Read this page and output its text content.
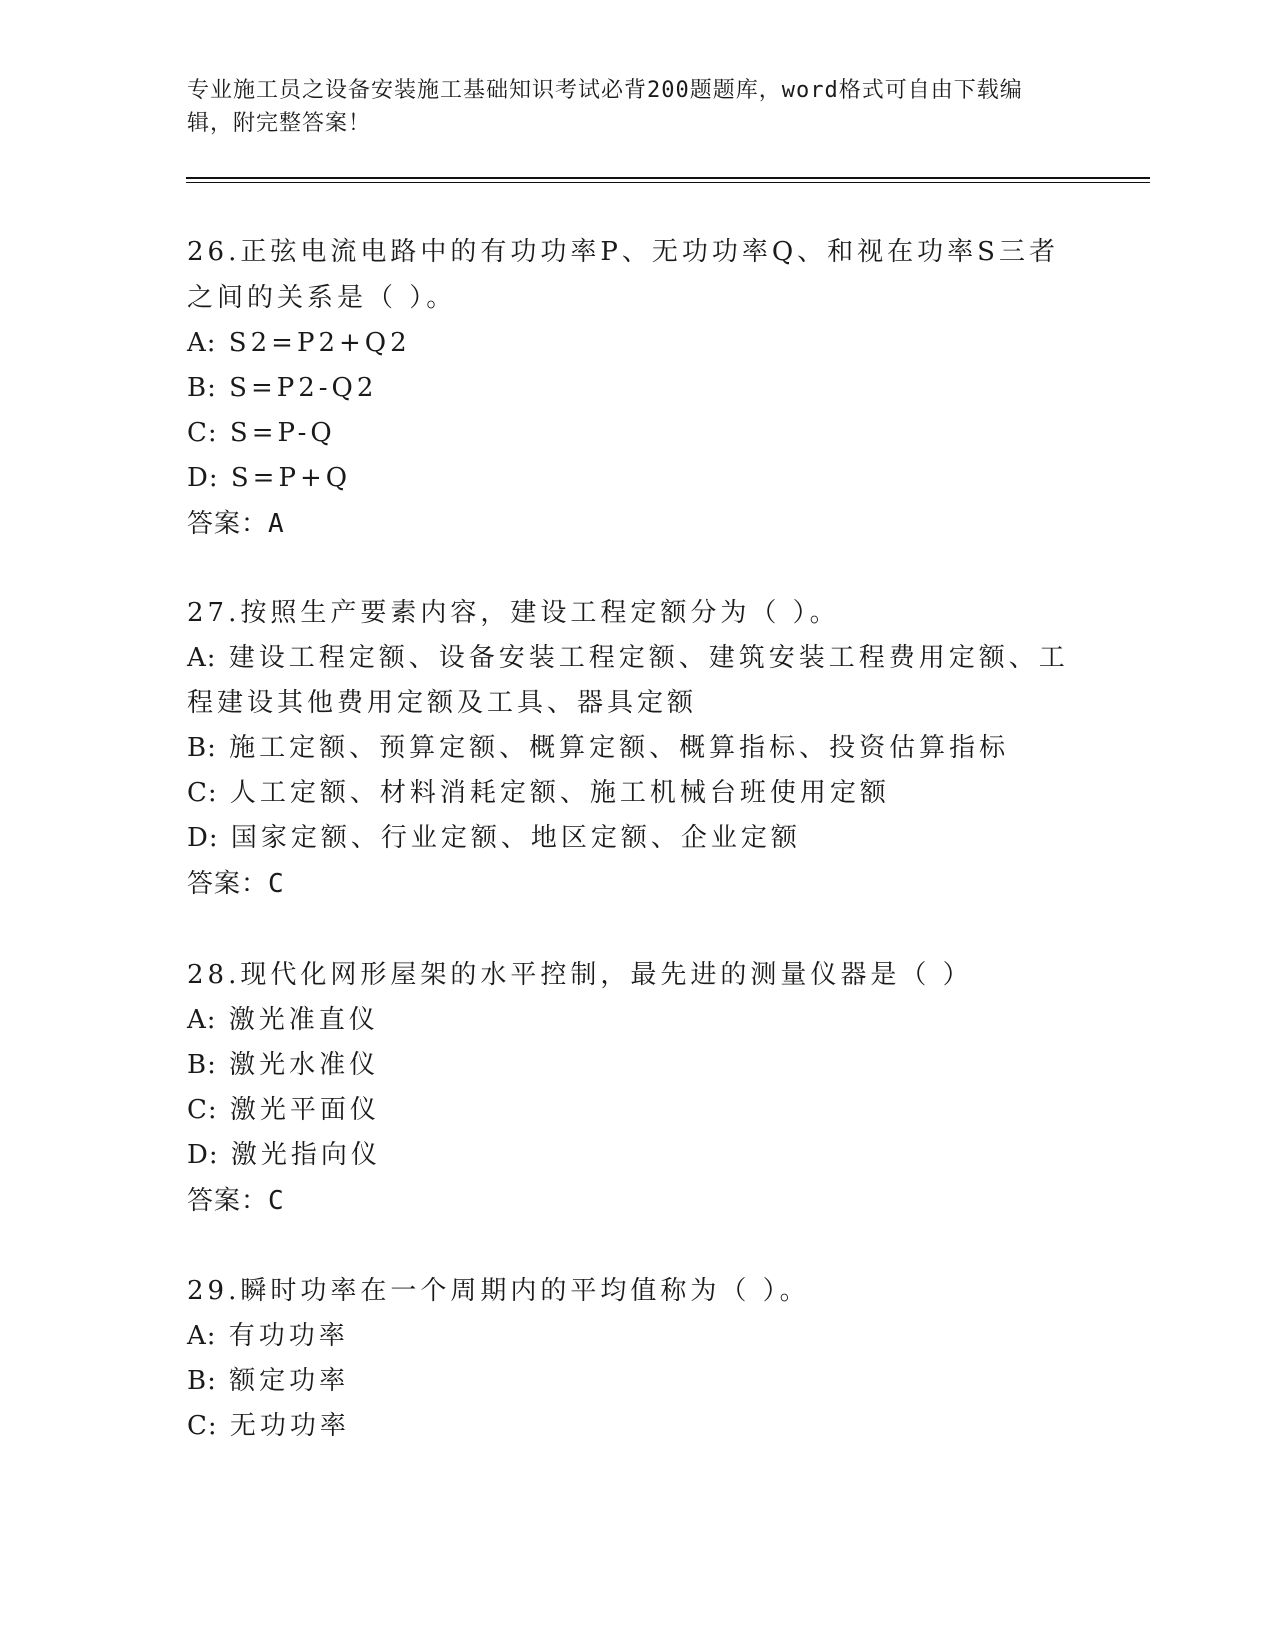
专业施工员之设备安装施工基础知识考试必背200题题库，word格式可自由下载编辑，附完整答案！

26.正弦电流电路中的有功功率P、无功功率Q、和视在功率S三者之间的关系是（ ）。

A: S2=P2+Q2

B: S=P2-Q2

C: S=P-Q

D: S=P+Q

答案：A

27.按照生产要素内容，建设工程定额分为（ ）。

A: 建设工程定额、设备安装工程定额、建筑安装工程费用定额、工程建设其他费用定额及工具、器具定额

B: 施工定额、预算定额、概算定额、概算指标、投资估算指标

C: 人工定额、材料消耗定额、施工机械台班使用定额

D: 国家定额、行业定额、地区定额、企业定额

答案：C

28.现代化网形屋架的水平控制，最先进的测量仪器是（ ）

A: 激光准直仪

B: 激光水准仪

C: 激光平面仪

D: 激光指向仪

答案：C

29.瞬时功率在一个周期内的平均值称为（ ）。

A: 有功功率

B: 额定功率

C: 无功功率
